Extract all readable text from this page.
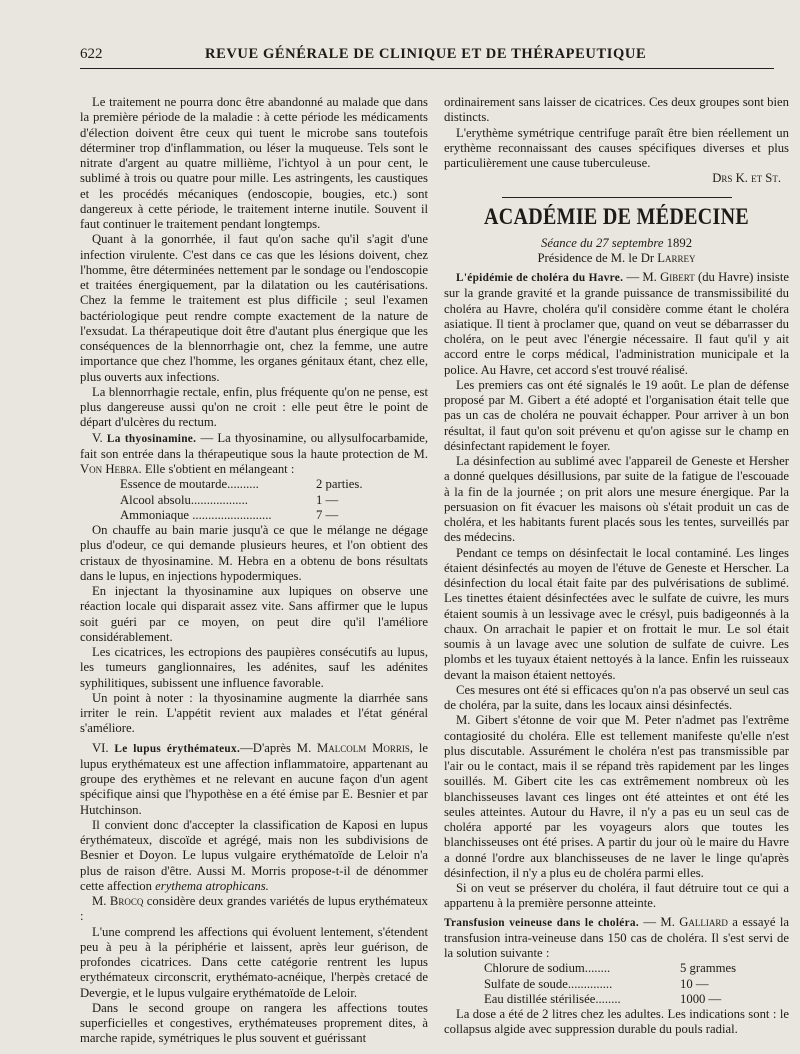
622	REVUE GÉNÉRALE DE CLINIQUE ET DE THÉRAPEUTIQUE

Le traitement ne pourra donc être abandonné au malade que dans la première période de la maladie : à cette période les médicaments d'élection doivent être ceux qui tuent le microbe sans toutefois déterminer trop d'inflammation, ou léser la muqueuse. Tels sont le nitrate d'argent au quatre millième, l'ichtyol à un pour cent, le sublimé à trois ou quatre pour mille. Les astringents, les caustiques et les procédés mécaniques (endoscopie, bougies, etc.) sont dangereux à cette période, le traitement interne inutile. Souvent il faut continuer le traitement pendant longtemps.

Quant à la gonorrhée, il faut qu'on sache qu'il s'agit d'une infection virulente. C'est dans ce cas que les lésions doivent, chez l'homme, être déterminées nettement par le sondage ou l'endoscopie et traitées énergiquement, par la dilatation ou les cautérisations. Chez la femme le traitement est plus difficile ; seul l'examen bactériologique peut rendre compte exactement de la nature de l'exsudat. La thérapeutique doit être d'autant plus énergique que les conséquences de la blennorrhagie ont, chez la femme, une autre importance que chez l'homme, les organes génitaux étant, chez elle, plus ouverts aux infections.

La blennorrhagie rectale, enfin, plus fréquente qu'on ne pense, est plus dangereuse aussi qu'on ne croit : elle peut être le point de départ d'ulcères du rectum.

V. La thyosinamine. — La thyosinamine, ou allysulfocarbamide, fait son entrée dans la thérapeutique sous la haute protection de M. Von Hebra. Elle s'obtient en mélangeant :

Essence de moutarde..........	2 parties.
Alcool absolu..................	1 —
Ammoniaque .........................	7 —

On chauffe au bain marie jusqu'à ce que le mélange ne dégage plus d'odeur, ce qui demande plusieurs heures, et l'on obtient des cristaux de thyosinamine. M. Hebra en a obtenu de bons résultats dans le lupus, en injections hypodermiques.

En injectant la thyosinamine aux lupiques on observe une réaction locale qui disparait assez vite. Sans affirmer que le lupus soit guéri par ce moyen, on peut dire qu'il l'améliore considérablement.

Les cicatrices, les ectropions des paupières consécutifs au lupus, les tumeurs ganglionnaires, les adénites, sauf les adénites syphilitiques, subissent une influence favorable.

Un point à noter : la thyosinamine augmente la diarrhée sans irriter le rein. L'appétit revient aux malades et l'état général s'améliore.

VI. Le lupus érythémateux.—D'après M. Malcolm Morris, le lupus erythémateux est une affection inflammatoire, appartenant au groupe des erythèmes et ne relevant en aucune façon d'un agent spécifique ainsi que l'hypothèse en a été émise par E. Besnier et par Hutchinson.

Il convient donc d'accepter la classification de Kaposi en lupus érythémateux, discoïde et agrégé, mais non les subdivisions de Besnier et Doyon. Le lupus vulgaire erythématoïde de Leloir n'a plus de raison d'être. Aussi M. Morris propose-t-il de dénommer cette affection erythema atrophicans.

M. Brocq considère deux grandes variétés de lupus erythémateux :

L'une comprend les affections qui évoluent lentement, s'étendent peu à peu à la périphérie et laissent, après leur guérison, de profondes cicatrices. Dans cette catégorie rentrent les lupus erythémateux circonscrit, erythémato-acnéique, l'herpès cretacé de Devergie, et le lupus vulgaire erythématoïde de Leloir.

Dans le second groupe on rangera les affections toutes superficielles et congestives, erythémateuses proprement dites, à marche rapide, symétriques le plus souvent et guérissant

ordinairement sans laisser de cicatrices. Ces deux groupes sont bien distincts.

L'erythème symétrique centrifuge paraît être bien réellement un erythème reconnaissant des causes spécifiques diverses et plus particulièrement une cause tuberculeuse.

Drs K. et St.

ACADÉMIE DE MÉDECINE

Séance du 27 septembre 1892

Présidence de M. le Dr Larrey

L'épidémie de choléra du Havre. — M. Gibert (du Havre) insiste sur la grande gravité et la grande puissance de transmissibilité du choléra au Havre, choléra qu'il considère comme étant le choléra asiatique. Il tient à proclamer que, quand on veut se débarrasser du choléra, on le peut avec l'énergie nécessaire. Il faut qu'il y ait accord entre le corps médical, l'administration municipale et la police. Au Havre, cet accord s'est trouvé réalisé.

Les premiers cas ont été signalés le 19 août. Le plan de défense proposé par M. Gibert a été adopté et l'organisation était telle que pas un cas de choléra ne pouvait échapper. Pour arriver à un bon résultat, il faut qu'on soit prévenu et qu'on agisse sur le champ en désinfectant rapidement le foyer.

La désinfection au sublimé avec l'appareil de Geneste et Hersher a donné quelques désillusions, par suite de la fatigue de l'escouade à la fin de la journée ; on prit alors une mesure énergique. Par la persuasion on fit évacuer les maisons où s'était produit un cas de choléra, et les habitants furent placés sous les tentes, surveillés par des médecins.

Pendant ce temps on désinfectait le local contaminé. Les linges étaient désinfectés au moyen de l'étuve de Geneste et Herscher. La désinfection du local était faite par des pulvérisations de sublimé. Les tinettes étaient désinfectées avec le sulfate de cuivre, les murs étaient soumis à un lessivage avec le crésyl, puis badigeonnés à la chaux. On arrachait le papier et on frottait le mur. Le sol était soumis à un lavage avec une solution de sulfate de cuivre. Les plombs et les tuyaux étaient nettoyés à la lance. Enfin les ruisseaux devant la maison étaient nettoyés.

Ces mesures ont été si efficaces qu'on n'a pas observé un seul cas de choléra, par la suite, dans les locaux ainsi désinfectés.

M. Gibert s'étonne de voir que M. Peter n'admet pas l'extrême contagiosité du choléra. Elle est tellement manifeste qu'elle n'est plus discutable. Assurément le choléra n'est pas transmissible par l'air ou le contact, mais il se répand très rapidement par les linges souillés. M. Gibert cite les cas extrêmement nombreux où les blanchisseuses lavant ces linges ont été atteintes et ont été les seules atteintes. Autour du Havre, il n'y a pas eu un seul cas de choléra apporté par les voyageurs alors que toutes les blanchisseuses ont été prises. A partir du jour où le maire du Havre a donné l'ordre aux blanchisseuses de ne laver le linge qu'après désinfection, il n'y a plus eu de choléra parmi elles.

Si on veut se préserver du choléra, il faut détruire tout ce qui a appartenu à la première personne atteinte.

Transfusion veineuse dans le choléra. — M. Galliard a essayé la transfusion intra-veineuse dans 150 cas de choléra. Il s'est servi de la solution suivante :

Chlorure de sodium........	5 grammes
Sulfate de soude..............	10 —
Eau distillée stérilisée........	1000 —

La dose a été de 2 litres chez les adultes. Les indications sont : le collapsus algide avec suppression durable du pouls radial.
